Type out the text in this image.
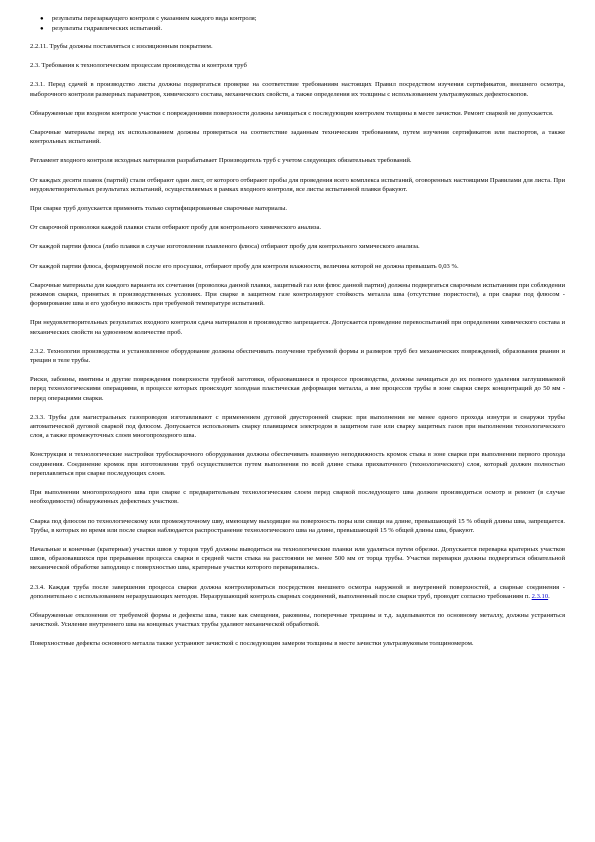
● результаты перезаркаущего контроля с указанием каждого вида контроля;
● результаты гидравлических испытаний.

2.2.11. Трубы должны поставляться с изоляционным покрытием.

2.3. Требования к технологическим процессам производства и контроля труб

2.3.1. Перед сдачей в производство листы должны подвергаться проверке на соответствие требованиям настоящих Правил посредством изучения сертификатов, внешнего осмотра, выборочного контроля размерных параметров, химического состава, механических свойств, а также определения их толщины с использованием ультразвуковых дефектоскопов.

Обнаруженные при входном контроле участки с повреждениями поверхности должны зачищаться с последующим контролем толщины в месте зачистки. Ремонт сваркой не допускается.

Сварочные материалы перед их использованием должны проверяться на соответствие заданным техническим требованиям, путем изучения сертификатов или паспортов, а также контрольных испытаний.

Регламент входного контроля исходных материалов разрабатывает Производитель труб с учетом следующих обязательных требований.

От каждых десяти плавок (партий) стали отбирают один лист, от которого отбирают пробы для проведения всего комплекса испытаний, оговоренных настоящими Правилами для листа. При неудовлетворительных результатах испытаний, осуществляемых в рамках входного контроля, все листы испытанной плавки бракуют.

При сварке труб допускается применять только сертифицированные сварочные материалы.

От сварочной проволоки каждой плавки стали отбирают пробу для контрольного химического анализа.

От каждой партии флюса (либо плавки в случае изготовления плавленого флюса) отбирают пробу для контрольного химического анализа.

От каждой партии флюса, формируемой после его просушки, отбирают пробу для контроля влажности, величина которой не должна превышать 0,03 %.

Сварочные материалы для каждого варианта их сочетания (проволока данной плавки, защитный газ или флюс данной партии) должны подвергаться сварочным испытаниям при соблюдении режимов сварки, принятых в производственных условиях. При сварке в защитном газе контролируют стойкость металла шва (отсутствие пористости), а при сварке под флюсом - формирование шва и его удобную вязкость при требуемой температуре испытаний.

При неудовлетворительных результатах входного контроля сдача материалов в производство запрещается. Допускается проведение перевоспытаний при определении химического состава и механических свойств на удвоенном количестве проб.

2.3.2. Технологии производства и установленное оборудование должны обеспечивать получение требуемой формы и размеров труб без механических повреждений, образования рванин и трещин в теле трубы.

Риски, забоины, вмятины и другие повреждения поверхности трубной заготовки, образовавшиеся в процессе производства, должны зачищаться до их полного удаления заглушиваемой перед технологическими операциями, в процессе которых происходит холодная пластическая деформация металла, а вне процессов трубы в зоне сварки сверх концентраций до 50 мм - перед операциями сварки.

2.3.3. Трубы для магистральных газопроводов изготавливают с применением дуговой двусторонней сварки: при выполнении не менее одного прохода изнутри и снаружи трубы автоматической дуговой сваркой под флюсом. Допускается использовать сварку плавящимся электродом в защитном газе или сварку защитных газов при выполнении технологического слоя, а также промежуточных слоев многопроходного шва.

Конструкция и технологические настройки трубосварочного оборудования должны обеспечивать взаимную неподвижность кромок стыка в зоне сварки при выполнении первого прохода соединения. Соединение кромок при изготовлении труб осуществляется путем выполнения по всей длине стыка прихваточного (технологического) слоя, который должен полностью переплавляться при сварке последующих слоев.

При выполнении многопроходного шва при сварке с предварительным технологическим слоем перед сваркой последующего шва должен производиться осмотр и ремонт (в случае необходимости) обнаруженных дефектных участков.

Сварка под флюсом по технологическому или промежуточному шву, имеющему выходящие на поверхность поры или свищи на длине, превышающей 15 % общей длины шва, запрещается. Трубы, в которых во время или после сварки наблюдается распространение технологического шва на длине, превышающей 15 % общей длины шва, бракуют.

Начальные и конечные (кратерные) участки швов у торцов труб должны выводиться на технологические планки или удаляться путем обрезки. Допускается переварка кратерных участков швов, образовавшихся при прерывании процесса сварки в средней части стыка на расстоянии не менее 500 мм от торца трубы. Участки переварки должны подвергаться обязательной механической обработке заподлицо с поверхностью шва, кратерные участки которого переваривались.

2.3.4. Каждая труба после завершения процесса сварки должна контролироваться посредством внешнего осмотра наружной и внутренней поверхностей, а сварные соединения - дополнительно с использованием неразрушающих методов. Неразрушающий контроль сварных соединений, выполненный после сварки труб, проводят согласно требованиям п. 2.3.10.

Обнаруженные отклонения от требуемой формы и дефекты шва, такие как смещения, раковины, поперечные трещины и т.д. заделываются по основному металлу, должны устраняться зачисткой. Усиление внутреннего шва на концевых участках трубы удаляют механической обработкой.

Поверхностные дефекты основного металла также устраняют зачисткой с последующим замером толщины в месте зачистки ультразвуковым толщиномером.
